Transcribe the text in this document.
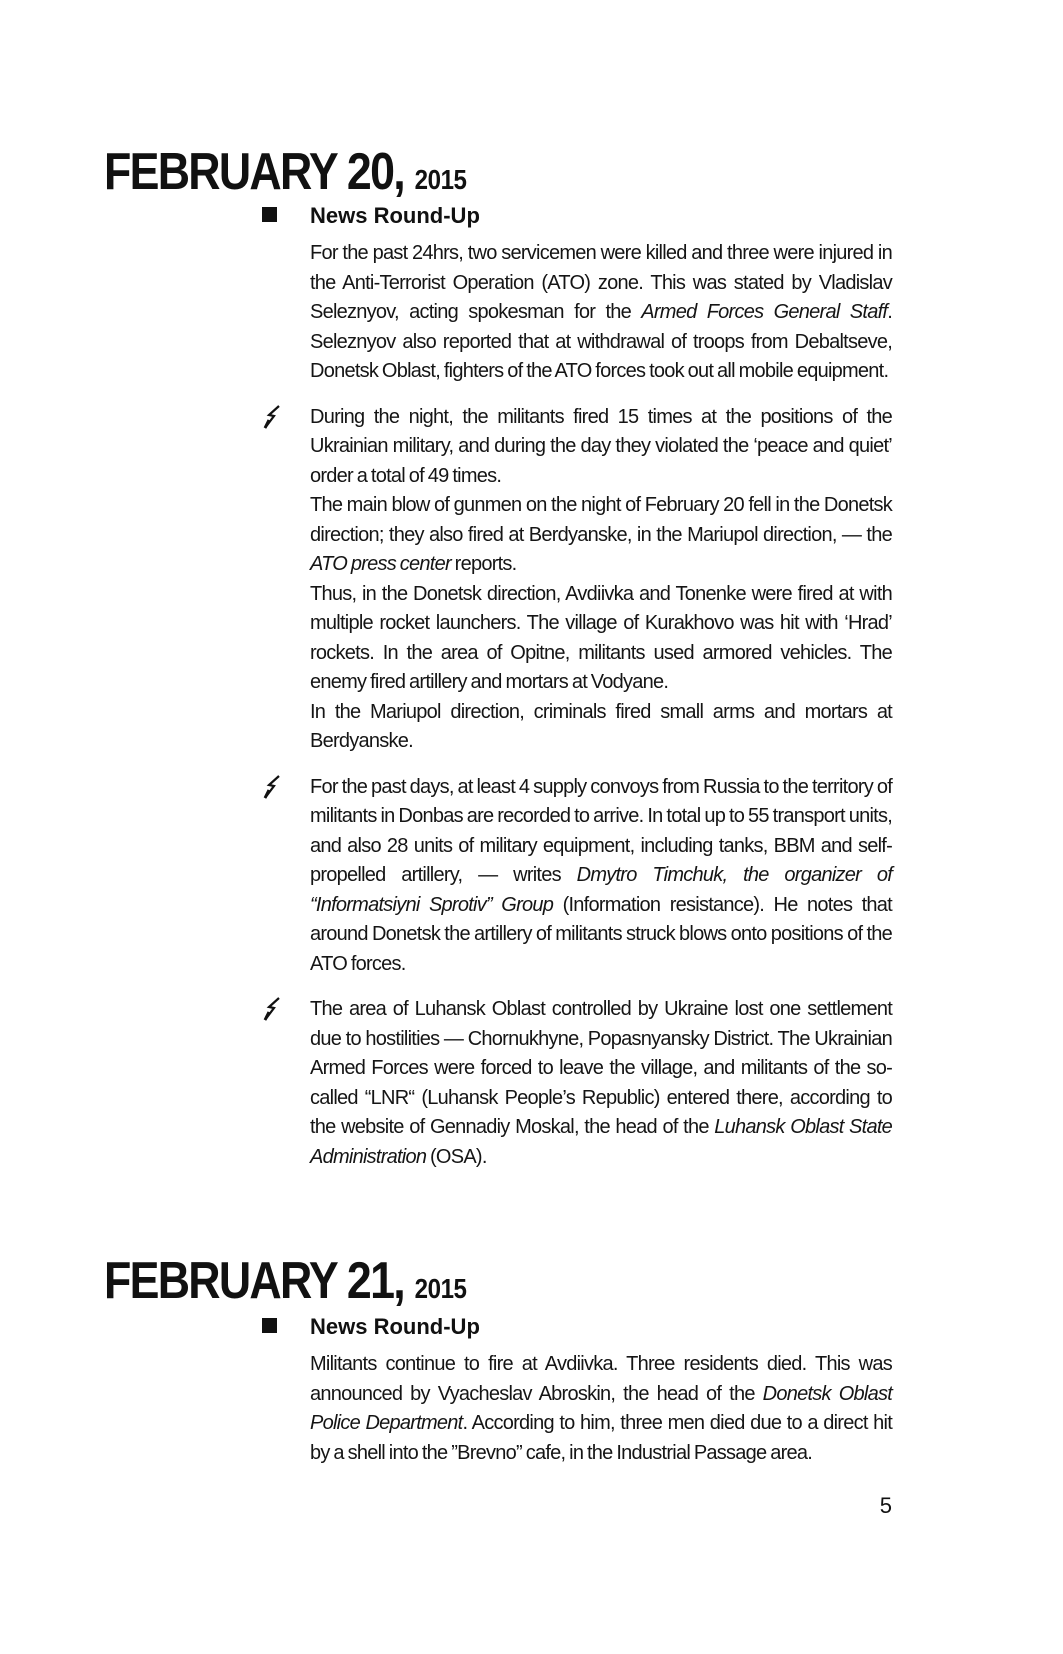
FEBRUARY 20, 2015

News Round-Up

For the past 24hrs, two servicemen were killed and three were injured in the Anti-Terrorist Operation (ATO) zone. This was stated by Vladislav Seleznyov, acting spokesman for the Armed Forces General Staff. Seleznyov also reported that at withdrawal of troops from Debaltseve, Donetsk Oblast, fighters of the ATO forces took out all mobile equipment.

During the night, the militants fired 15 times at the positions of the Ukrainian military, and during the day they violated the ‘peace and quiet’ order a total of 49 times.

The main blow of gunmen on the night of February 20 fell in the Donetsk direction; they also fired at Berdyanske, in the Mariupol direction, — the ATO press center reports.

Thus, in the Donetsk direction, Avdiivka and Tonenke were fired at with multiple rocket launchers. The village of Kurakhovo was hit with ‘Hrad’ rockets. In the area of Opitne, militants used armored vehicles. The enemy fired artillery and mortars at Vodyane.

In the Mariupol direction, criminals fired small arms and mortars at Berdyanske.

For the past days, at least 4 supply convoys from Russia to the territory of militants in Donbas are recorded to arrive. In total up to 55 transport units, and also 28 units of military equipment, including tanks, BBM and self-propelled artillery, — writes Dmytro Timchuk, the organizer of “Informatsiyni Sprotiv” Group (Information resistance). He notes that around Donetsk the artillery of militants struck blows onto positions of the ATO forces.

The area of Luhansk Oblast controlled by Ukraine lost one settlement due to hostilities — Chornukhyne, Popasnyansky District. The Ukrainian Armed Forces were forced to leave the village, and militants of the so-called “LNR“ (Luhansk People’s Republic) entered there, according to the website of Gennadiy Moskal, the head of the Luhansk Oblast State Administration (OSA).

FEBRUARY 21, 2015

News Round-Up

Militants continue to fire at Avdiivka. Three residents died. This was announced by Vyacheslav Abroskin, the head of the Donetsk Oblast Police Department. According to him, three men died due to a direct hit by a shell into the ”Brevno” cafe, in the Industrial Passage area.

5
